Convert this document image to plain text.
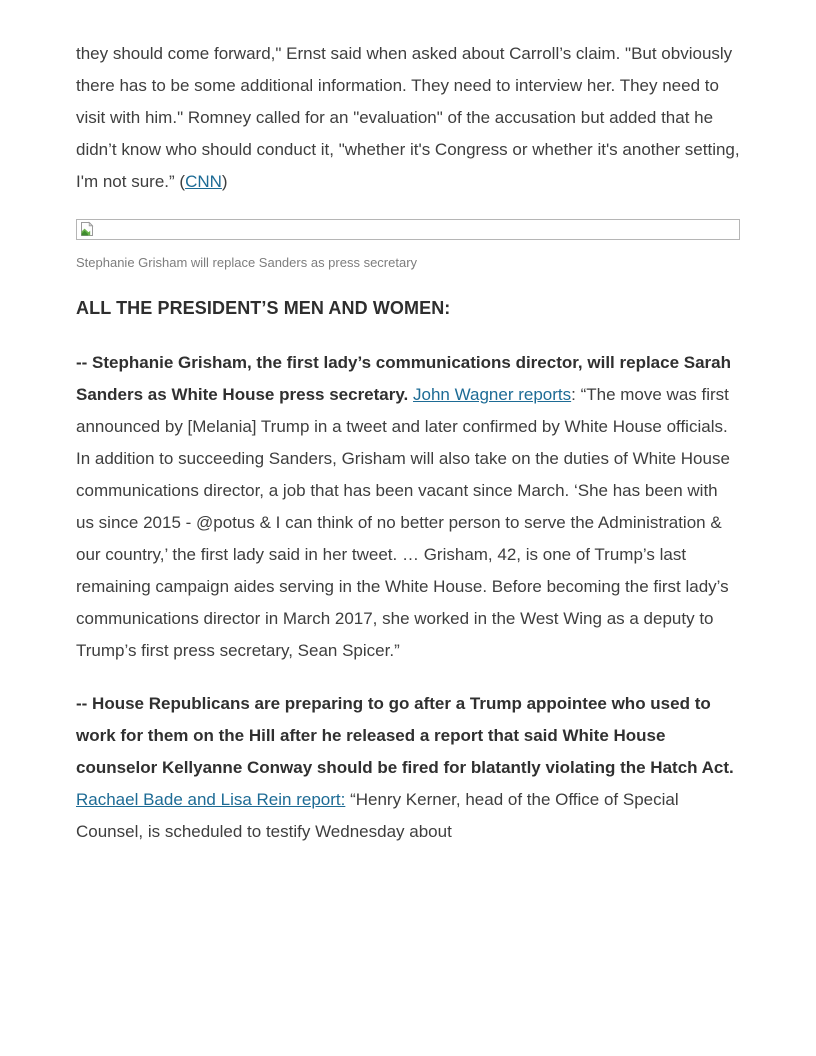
they should come forward," Ernst said when asked about Carroll’s claim. "But obviously there has to be some additional information. They need to interview her. They need to visit with him." Romney called for an "evaluation" of the accusation but added that he didn’t know who should conduct it, "whether it's Congress or whether it's another setting, I'm not sure.” (CNN)

Stephanie Grisham will replace Sanders as press secretary
ALL THE PRESIDENT’S MEN AND WOMEN:

-- Stephanie Grisham, the first lady’s communications director, will replace Sarah Sanders as White House press secretary. John Wagner reports: “The move was first announced by [Melania] Trump in a tweet and later confirmed by White House officials. In addition to succeeding Sanders, Grisham will also take on the duties of White House communications director, a job that has been vacant since March. ‘She has been with us since 2015 - @potus & I can think of no better person to serve the Administration & our country,’ the first lady said in her tweet. … Grisham, 42, is one of Trump’s last remaining campaign aides serving in the White House. Before becoming the first lady’s communications director in March 2017, she worked in the West Wing as a deputy to Trump’s first press secretary, Sean Spicer.”

-- House Republicans are preparing to go after a Trump appointee who used to work for them on the Hill after he released a report that said White House counselor Kellyanne Conway should be fired for blatantly violating the Hatch Act. Rachael Bade and Lisa Rein report: “Henry Kerner, head of the Office of Special Counsel, is scheduled to testify Wednesday about
